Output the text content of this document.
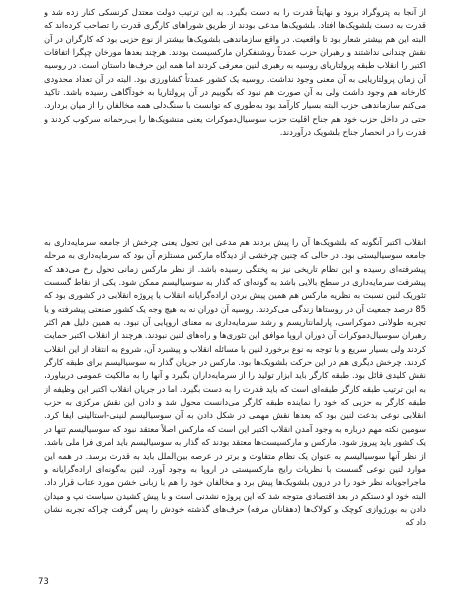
از آنجا به پتروگراد برود و نهایتاً قدرت را به دست بگیرد. به این ترتیب دولت معتدل کرنسکی کنار زده شد و قدرت به دست بلشویک‌ها افتاد. بلشویک‌ها مدعی بودند از طریق شوراهای کارگری قدرت را تصاحب کرده‌اند که البته این هم بیشتر شعار بود تا واقعیت. در واقع سازماندهی بلشویک‌ها بیشتر از نوع حزبی بود که کارگران در آن نقش چندانی نداشتند و رهبران حزب عمدتاً روشنفکران مارکسیست بودند. هرچند بعدها مورخان چپگرا اتفاقات اکتبر را انقلاب طبقه پرولتاریای روسیه به رهبری لنین معرفی کردند اما همه این حرف‌ها داستان است. در روسیه آن زمان پرولتاریایی به آن معنی وجود نداشت. روسیه یک کشور عمدتاً کشاورزی بود. البته در آن تعداد محدودی کارخانه هم وجود داشت ولی به آن صورت هم نبود که بگوییم در آن پرولتاریا به خودآگاهی رسیده باشد. تاکید می‌کنم سازماندهی حزب البته بسیار کارآمد بود به‌طوری که توانست با سنگ‌دلی همه مخالفان را از میان بردارد. حتی در داخل حزب خود هم جناح اقلیت حزب سوسیال‌دموکرات یعنی منشویک‌ها را بی‌رحمانه سرکوب کردند و قدرت را در انحصار جناح بلشویک درآوردند.

انقلاب اکتبر آنگونه که بلشویک‌ها آن را پیش بردند هم مدعی این تحول یعنی چرخش از جامعه سرمایه‌داری به جامعه سوسیالیستی بود. در حالی که چنین چرخشی از دیدگاه مارکس مستلزم آن بود که سرمایه‌داری به مرحله پیشرفته‌ای رسیده و این نظام تاریخی نیز به پختگی رسیده باشد. از نظر مارکس زمانی تحول رخ می‌دهد که پیشرفت سرمایه‌داری در سطح بالایی باشد به گونه‌ای که گذار به سوسیالیسم ممکن شود. یکی از نقاط گسست تئوریک لنین نسبت به نظریه مارکس هم همین پیش بردن اراده‌گرایانه انقلاب یا پروژه انقلابی در کشوری بود که 85 درصد جمعیت آن در روستاها زندگی می‌کردند. روسیه آن دوران نه به هیچ وجه یک کشور صنعتی پیشرفته و یا تجربه طولانی دموکراسی، پارلمانتاریسم و رشد سرمایه‌داری به معنای اروپایی آن نبود. به همین دلیل هم اکثر رهبران سوسیال‌دموکرات آن دوران اروپا موافق این تئوری‌ها و راه‌های لنین نبودند. هرچند از انقلاب اکتبر حمایت کردند ولی بسیار سریع و با توجه به نوع برخورد لنین با مسائله انقلاب و پیشبرد آن، شروع به انتقاد از این انقلاب کردند. چرخش دیگری هم در این حرکت بلشویک‌ها بود. مارکس در جریان گذار به سوسیالیسم برای طبقه کارگر نقش کلیدی قائل بود. طبقه کارگر باید ابزار تولید را از سرمایه‌داران بگیرد و آنها را به مالکیت عمومی دربیاورد، به این ترتیب طبقه کارگر طبقه‌ای است که باید قدرت را به دست بگیرد. اما در جریان انقلاب اکتبر این وظیفه از طبقه کارگر به حزبی که خود را نماینده طبقه کارگر می‌دانست محول شد و دادن این نقش مرکزی به حزب انقلابی نوعی بدعت لنین بود که بعدها نقش مهمی در شکل دادن به آن سوسیالیسم لنینی-استالینی ایفا کرد. سومین نکته مهم درباره به وجود آمدن انقلاب اکتبر این است که مارکس اصلاً معتقد نبود که سوسیالیسم تنها در یک کشور باید پیروز شود. مارکس و مارکسیست‌ها معتقد بودند که گذار به سوسیالیسم باید امری فرا ملی باشد. از نظر آنها سوسیالیسم به عنوان یک نظام متفاوت و برتر در عرصه بین‌الملل باید به قدرت برسد. در همه این موارد لنین نوعی گسست با نظریات رایج مارکسیستی در اروپا به وجود آورد. لنین به‌گونه‌ای اراده‌گرایانه و ماجراجویانه نظر خود را در درون بلشویک‌ها پیش برد و مخالفان خود را هم با زبانی خشن مورد عتاب قرار داد. البته خود او دستکم در بعد اقتصادی متوجه شد که این پروژه نشدنی است و با پیش کشیدن سیاست نپ و میدان دادن به بورژوازی کوچک و کولاک‌ها (دهقانان مرفه) حرف‌های گذشته خودش را پس گرفت چراکه تجربه نشان داد که

73
